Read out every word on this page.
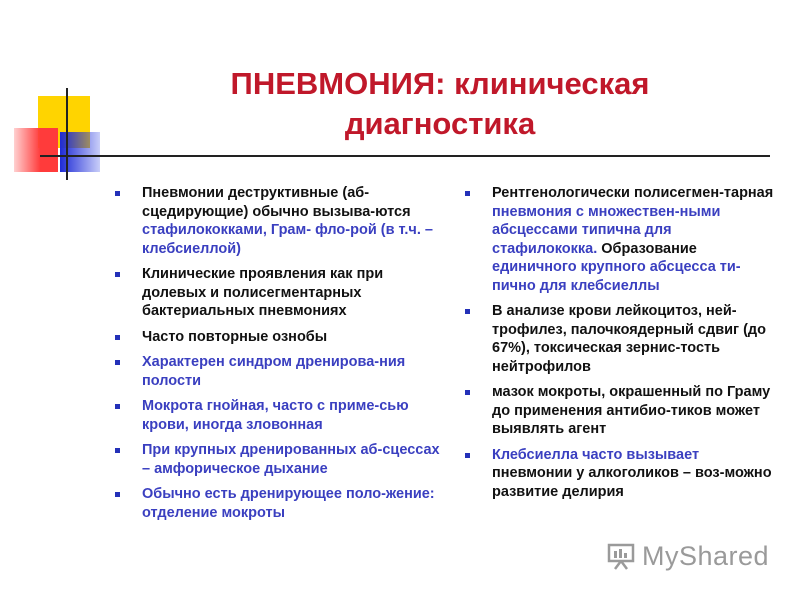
ПНЕВМОНИЯ: клиническая
диагностика
Пневмонии деструктивные (аб-сцедирующие) обычно вызыва-ются стафилококками, Грам- фло-рой (в т.ч. – клебсиеллой)
Клинические проявления как при долевых и полисегментарных бактериальных пневмониях
Часто повторные ознобы
Характерен синдром дренирова-ния полости
Мокрота гнойная, часто с приме-сью крови, иногда зловонная
При крупных дренированных аб-сцессах – амфорическое дыхание
Обычно есть дренирующее поло-жение: отделение мокроты
Рентгенологически полисегмен-тарная пневмония с множествен-ными абсцессами типична для стафилококка. Образование единичного крупного абсцесса ти-пично для клебсиеллы
В анализе крови лейкоцитоз, ней-трофилез, палочкоядерный сдвиг (до 67%), токсическая зернис-тость нейтрофилов
мазок мокроты, окрашенный по Граму до применения антибио-тиков может выявлять агент
Клебсиелла часто вызывает пневмонии у алкоголиков – воз-можно развитие делирия
MyShared
